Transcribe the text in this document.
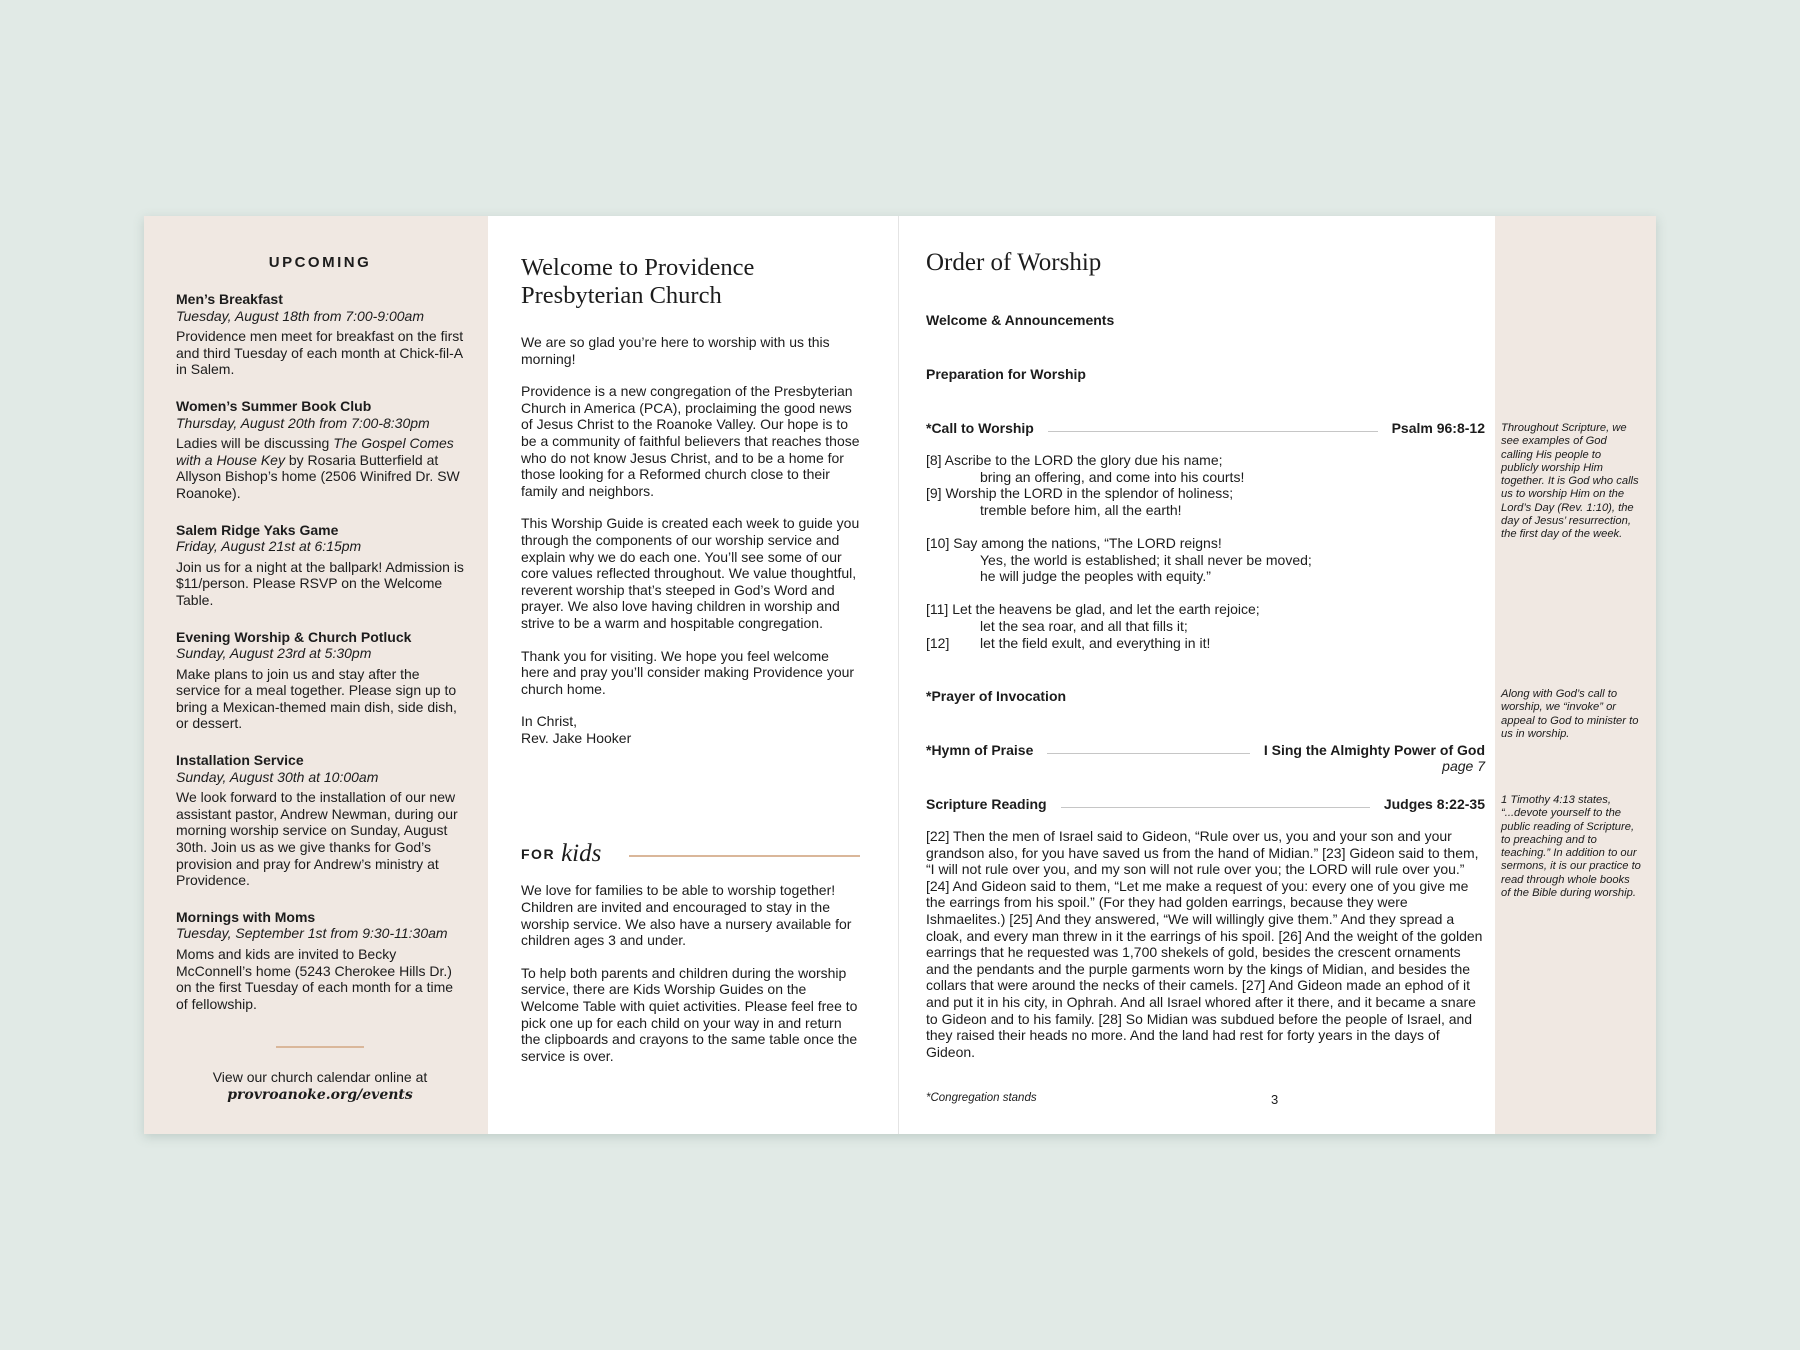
UPCOMING
Men’s Breakfast
Tuesday, August 18th from 7:00-9:00am
Providence men meet for breakfast on the first and third Tuesday of each month at Chick-fil-A in Salem.
Women’s Summer Book Club
Thursday, August 20th from 7:00-8:30pm
Ladies will be discussing The Gospel Comes with a House Key by Rosaria Butterfield at Allyson Bishop’s home (2506 Winifred Dr. SW Roanoke).
Salem Ridge Yaks Game
Friday, August 21st at 6:15pm
Join us for a night at the ballpark! Admission is $11/person. Please RSVP on the Welcome Table.
Evening Worship & Church Potluck
Sunday, August 23rd at 5:30pm
Make plans to join us and stay after the service for a meal together. Please sign up to bring a Mexican-themed main dish, side dish, or dessert.
Installation Service
Sunday, August 30th at 10:00am
We look forward to the installation of our new assistant pastor, Andrew Newman, during our morning worship service on Sunday, August 30th. Join us as we give thanks for God’s provision and pray for Andrew’s ministry at Providence.
Mornings with Moms
Tuesday, September 1st from 9:30-11:30am
Moms and kids are invited to Becky McConnell’s home (5243 Cherokee Hills Dr.) on the first Tuesday of each month for a time of fellowship.
View our church calendar online at
provroanoke.org/events
Welcome to Providence Presbyterian Church

We are so glad you’re here to worship with us this morning!

Providence is a new congregation of the Presbyterian Church in America (PCA), proclaiming the good news of Jesus Christ to the Roanoke Valley. Our hope is to be a community of faithful believers that reaches those who do not know Jesus Christ, and to be a home for those looking for a Reformed church close to their family and neighbors.

This Worship Guide is created each week to guide you through the components of our worship service and explain why we do each one. You’ll see some of our core values reflected throughout. We value thoughtful, reverent worship that’s steeped in God’s Word and prayer. We also love having children in worship and strive to be a warm and hospitable congregation.

Thank you for visiting. We hope you feel welcome here and pray you’ll consider making Providence your church home.

In Christ,
Rev. Jake Hooker
FOR kids

We love for families to be able to worship together! Children are invited and encouraged to stay in the worship service. We also have a nursery available for children ages 3 and under.

To help both parents and children during the worship service, there are Kids Worship Guides on the Welcome Table with quiet activities. Please feel free to pick one up for each child on your way in and return the clipboards and crayons to the same table once the service is over.

Order of Worship
Welcome & Announcements
Preparation for Worship
*Call to Worship	Psalm 96:8-12
[8] Ascribe to the LORD the glory due his name;
bring an offering, and come into his courts!
[9] Worship the LORD in the splendor of holiness;
tremble before him, all the earth!
[10] Say among the nations, “The LORD reigns!
Yes, the world is established; it shall never be moved;
he will judge the peoples with equity.”
[11] Let the heavens be glad, and let the earth rejoice;
let the sea roar, and all that fills it;
[12]	let the field exult, and everything in it!
*Prayer of Invocation
*Hymn of Praise	I Sing the Almighty Power of God
page 7
Scripture Reading	Judges 8:22-35
[22] Then the men of Israel said to Gideon, “Rule over us, you and your son and your grandson also, for you have saved us from the hand of Midian.” [23] Gideon said to them, “I will not rule over you, and my son will not rule over you; the LORD will rule over you.” [24] And Gideon said to them, “Let me make a request of you: every one of you give me the earrings from his spoil.” (For they had golden earrings, because they were Ishmaelites.) [25] And they answered, “We will willingly give them.” And they spread a cloak, and every man threw in it the earrings of his spoil. [26] And the weight of the golden earrings that he requested was 1,700 shekels of gold, besides the crescent ornaments and the pendants and the purple garments worn by the kings of Midian, and besides the collars that were around the necks of their camels. [27] And Gideon made an ephod of it and put it in his city, in Ophrah. And all Israel whored after it there, and it became a snare to Gideon and to his family. [28] So Midian was subdued before the people of Israel, and they raised their heads no more. And the land had rest for forty years in the days of Gideon.
*Congregation stands	3
Throughout Scripture, we see examples of God calling His people to publicly worship Him together. It is God who calls us to worship Him on the Lord’s Day (Rev. 1:10), the day of Jesus’ resurrection, the first day of the week.
Along with God’s call to worship, we “invoke” or appeal to God to minister to us in worship.
1 Timothy 4:13 states, “...devote yourself to the public reading of Scripture, to preaching and to teaching.” In addition to our sermons, it is our practice to read through whole books of the Bible during worship.
